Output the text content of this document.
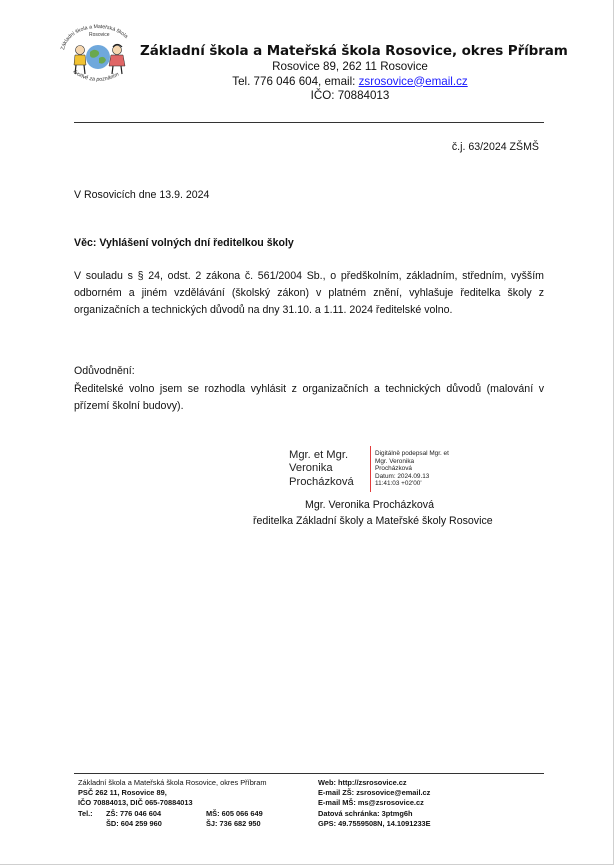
Základní škola a Mateřská škola
Rosovice
Tvořivě za poznáním
Základní škola a Mateřská škola Rosovice, okres Příbram
Rosovice 89, 262 11 Rosovice
Tel. 776 046 604, email: zsrosovice@email.cz
IČO: 70884013
č.j. 63/2024 ZŠMŠ
V Rosovicích dne 13.9. 2024
Věc: Vyhlášení volných dní ředitelkou školy
V souladu s § 24, odst. 2 zákona č. 561/2004 Sb., o předškolním, základním, středním, vyšším odborném a jiném vzdělávání (školský zákon) v platném znění, vyhlašuje ředitelka školy z organizačních a technických důvodů na dny 31.10. a 1.11. 2024 ředitelské volno.
Odůvodnění:
Ředitelské volno jsem se rozhodla vyhlásit z organizačních a technických důvodů (malování v přízemí školní budovy).
Mgr. et Mgr.
Veronika
Procházková
Digitálně podepsal Mgr. et
Mgr. Veronika
Procházková
Datum: 2024.09.13
11:41:03 +02'00'
Mgr. Veronika Procházková
ředitelka Základní školy a Mateřské školy Rosovice
Základní škola a Mateřská škola Rosovice, okres Příbram
PSČ 262 11, Rosovice 89,
IČO 70884013, DIČ 065-70884013
Tel.:	ZŠ: 776 046 604	MŠ: 605 066 649
ŠD: 604 259 960	ŠJ: 736 682 950
Web: http://zsrosovice.cz
E-mail ZŠ: zsrosovice@email.cz
E-mail MŠ: ms@zsrosovice.cz
Datová schránka: 3ptmg6h
GPS: 49.7559508N, 14.1091233E
